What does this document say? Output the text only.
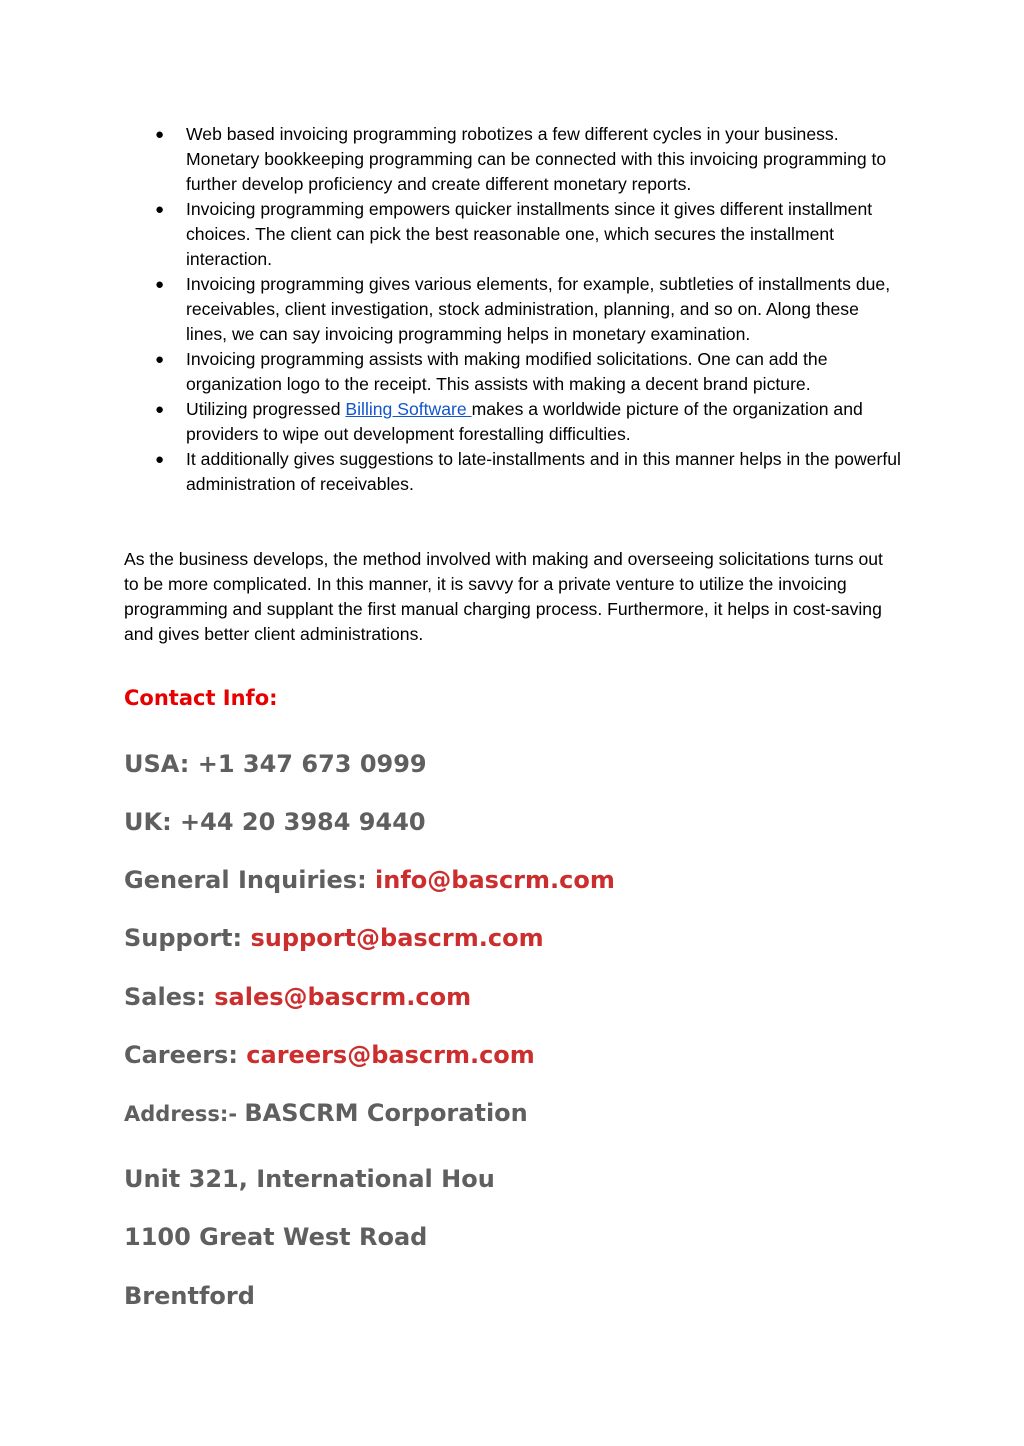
● Web based invoicing programming robotizes a few different cycles in your business. Monetary bookkeeping programming can be connected with this invoicing programming to further develop proficiency and create different monetary reports.
● Invoicing programming empowers quicker installments since it gives different installment choices. The client can pick the best reasonable one, which secures the installment interaction.
● Invoicing programming gives various elements, for example, subtleties of installments due, receivables, client investigation, stock administration, planning, and so on. Along these lines, we can say invoicing programming helps in monetary examination.
● Invoicing programming assists with making modified solicitations. One can add the organization logo to the receipt. This assists with making a decent brand picture.
● Utilizing progressed Billing Software makes a worldwide picture of the organization and providers to wipe out development forestalling difficulties.
● It additionally gives suggestions to late-installments and in this manner helps in the powerful administration of receivables.

As the business develops, the method involved with making and overseeing solicitations turns out to be more complicated. In this manner, it is savvy for a private venture to utilize the invoicing programming and supplant the first manual charging process. Furthermore, it helps in cost-saving and gives better client administrations.

Contact Info:

USA: +1 347 673 0999

UK: +44 20 3984 9440

General Inquiries: info@bascrm.com

Support: support@bascrm.com

Sales: sales@bascrm.com

Careers: careers@bascrm.com

Address:- BASCRM Corporation

Unit 321, International Hou

1100 Great West Road

Brentford
